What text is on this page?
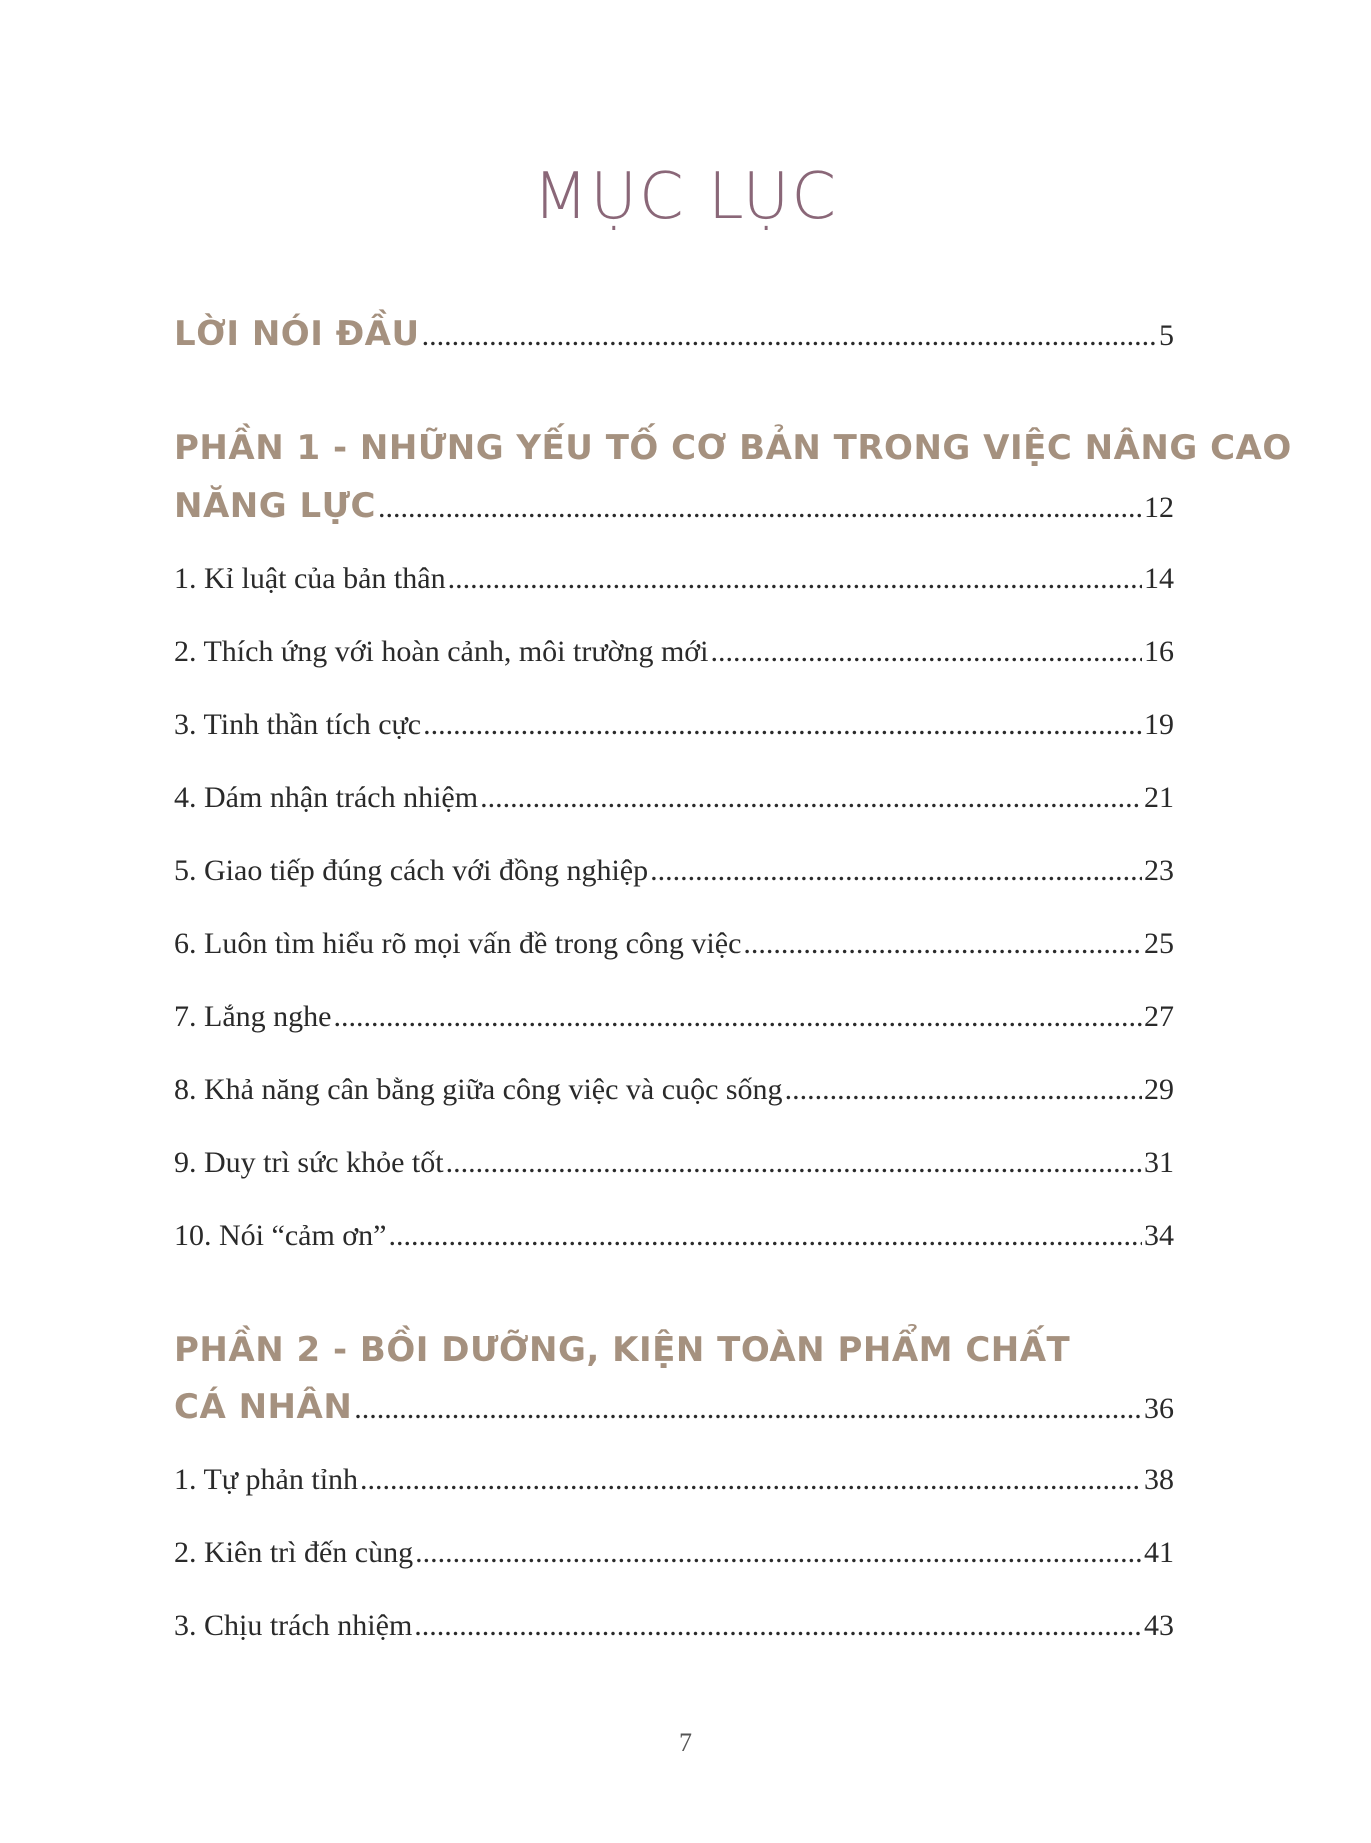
MỤC LỤC
LỜI NÓI ĐẦU .....	5
PHẦN 1 - NHỮNG YẾU TỐ CƠ BẢN TRONG VIỆC NÂNG CAO
NĂNG LỰC .....	12
1. Kỉ luật của bản thân .....	14
2. Thích ứng với hoàn cảnh, môi trường mới .....	16
3. Tinh thần tích cực .....	19
4. Dám nhận trách nhiệm .....	21
5. Giao tiếp đúng cách với đồng nghiệp .....	23
6. Luôn tìm hiểu rõ mọi vấn đề trong công việc .....	25
7. Lắng nghe .....	27
8. Khả năng cân bằng giữa công việc và cuộc sống .....	29
9. Duy trì sức khỏe tốt .....	31
10. Nói “cảm ơn” .....	34
PHẦN 2 - BỒI DƯỠNG, KIỆN TOÀN PHẨM CHẤT
CÁ NHÂN .....	36
1. Tự phản tỉnh .....	38
2. Kiên trì đến cùng .....	41
3. Chịu trách nhiệm .....	43
7
